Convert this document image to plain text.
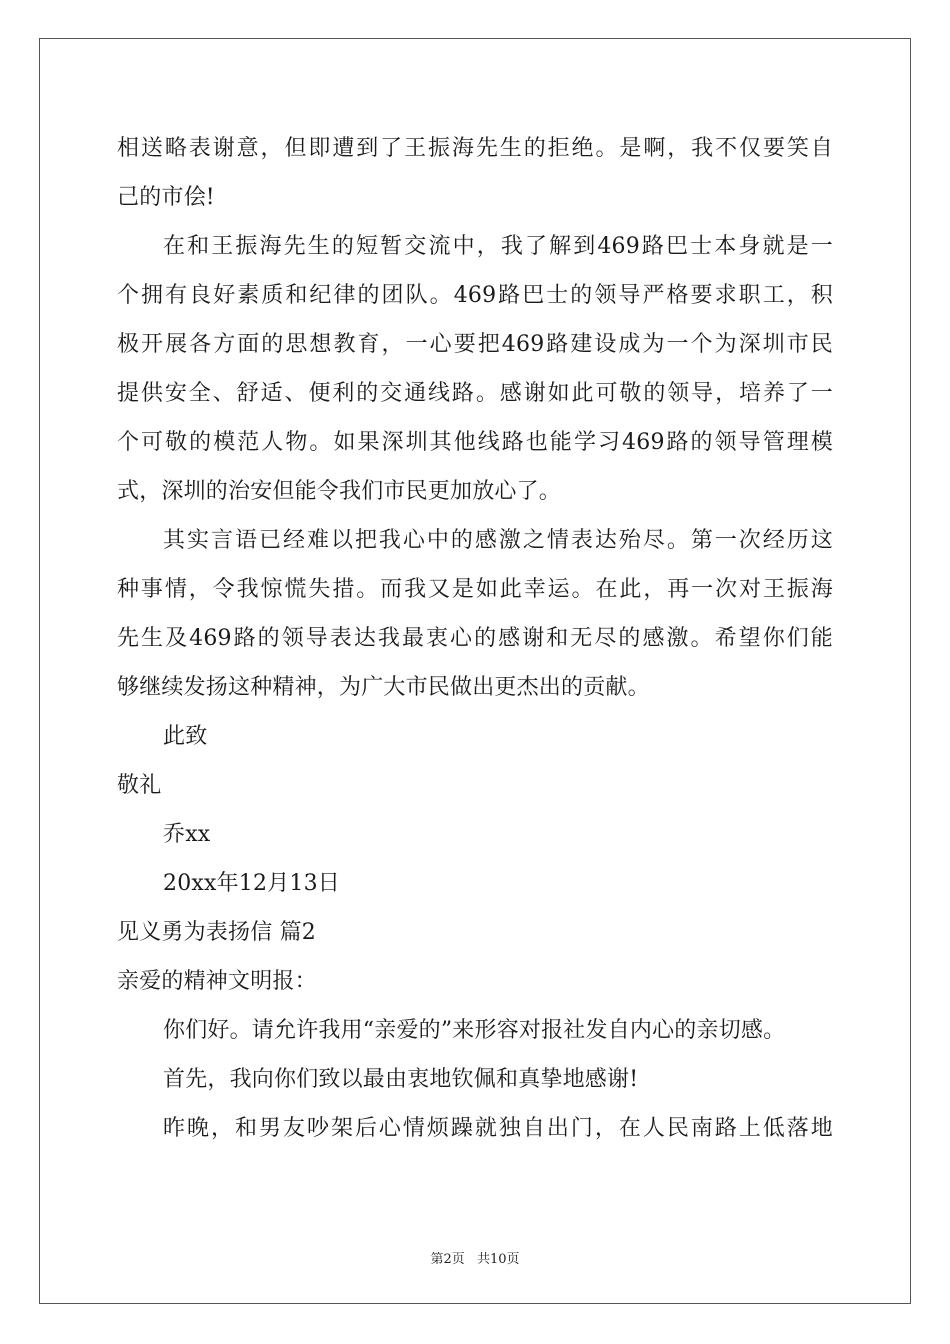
相送略表谢意，但即遭到了王振海先生的拒绝。是啊，我不仅要笑自
己的市侩!
在和王振海先生的短暂交流中，我了解到469路巴士本身就是一
个拥有良好素质和纪律的团队。469路巴士的领导严格要求职工，积
极开展各方面的思想教育，一心要把469路建设成为一个为深圳市民
提供安全、舒适、便利的交通线路。感谢如此可敬的领导，培养了一
个可敬的模范人物。如果深圳其他线路也能学习469路的领导管理模
式，深圳的治安但能令我们市民更加放心了。
其实言语已经难以把我心中的感激之情表达殆尽。第一次经历这
种事情，令我惊慌失措。而我又是如此幸运。在此，再一次对王振海
先生及469路的领导表达我最衷心的感谢和无尽的感激。希望你们能
够继续发扬这种精神，为广大市民做出更杰出的贡献。
此致
敬礼
乔xx
20xx年12月13日
见义勇为表扬信 篇2
亲爱的精神文明报：
你们好。请允许我用“亲爱的”来形容对报社发自内心的亲切感。
首先，我向你们致以最由衷地钦佩和真挚地感谢!
昨晚，和男友吵架后心情烦躁就独自出门，在人民南路上低落地
第2页 共10页
